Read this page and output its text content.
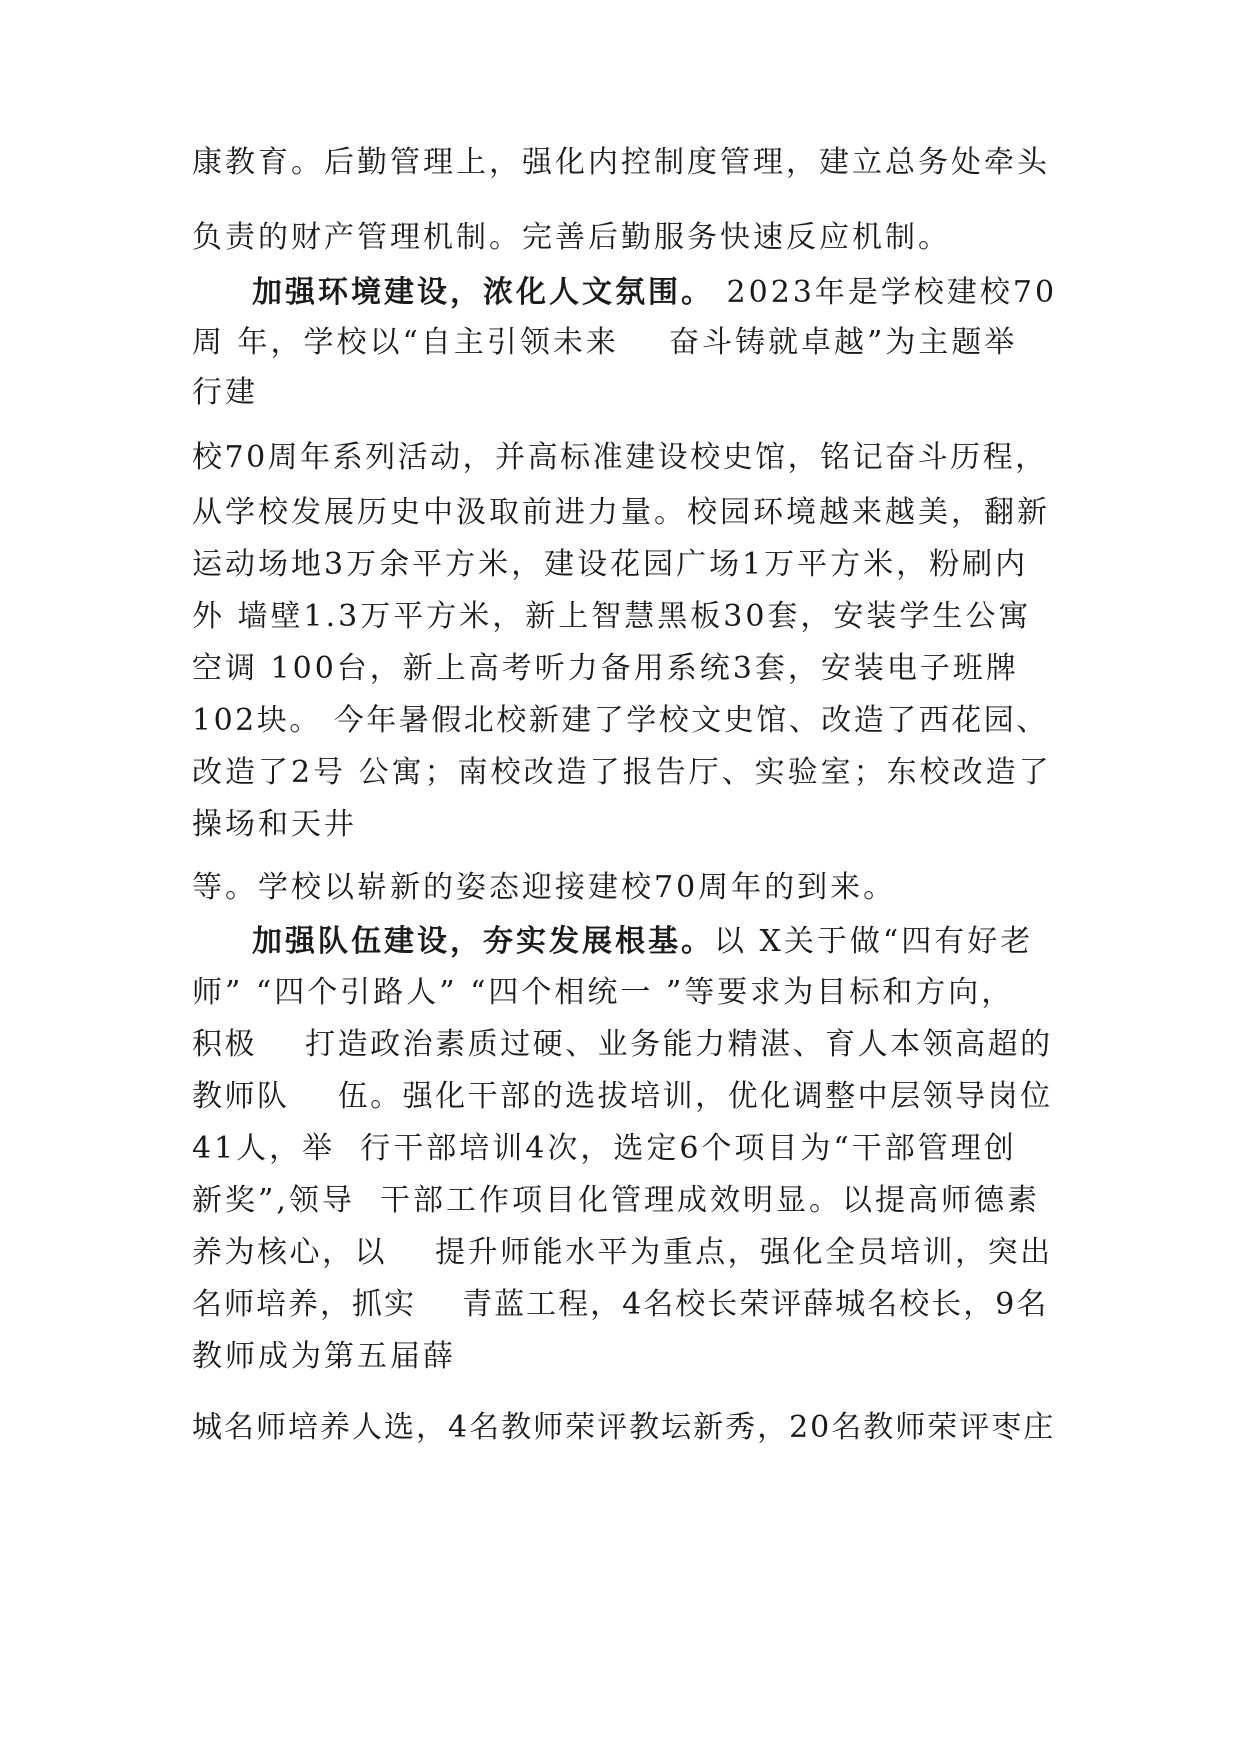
康教育。后勤管理上，强化内控制度管理，建立总务处牵头
负责的财产管理机制。完善后勤服务快速反应机制。
加强环境建设，浓化人文氛围。 2023年是学校建校70
周 年，学校以“自主引领未来    奋斗铸就卓越”为主题举
行建
校70周年系列活动，并高标准建设校史馆，铭记奋斗历程，
从学校发展历史中汲取前进力量。校园环境越来越美，翻新
运动场地3万余平方米，建设花园广场1万平方米，粉刷内
外 墙壁1.3万平方米，新上智慧黑板30套，安装学生公寓
空调 100台，新上高考听力备用系统3套，安装电子班牌
102块。 今年暑假北校新建了学校文史馆、改造了西花园、
改造了2号 公寓；南校改造了报告厅、实验室；东校改造了
操场和天井
等。学校以崭新的姿态迎接建校70周年的到来。
加强队伍建设，夯实发展根基。以 X关于做“四有好老
师” “四个引路人” “四个相统一 ”等要求为目标和方向，
积极    打造政治素质过硬、业务能力精湛、育人本领高超的
教师队    伍。强化干部的选拔培训，优化调整中层领导岗位
41人，举  行干部培训4次，选定6个项目为“干部管理创
新奖”,领导  干部工作项目化管理成效明显。以提高师德素
养为核心，以    提升师能水平为重点，强化全员培训，突出
名师培养，抓实    青蓝工程，4名校长荣评薛城名校长，9名
教师成为第五届薛
城名师培养人选，4名教师荣评教坛新秀，20名教师荣评枣庄
